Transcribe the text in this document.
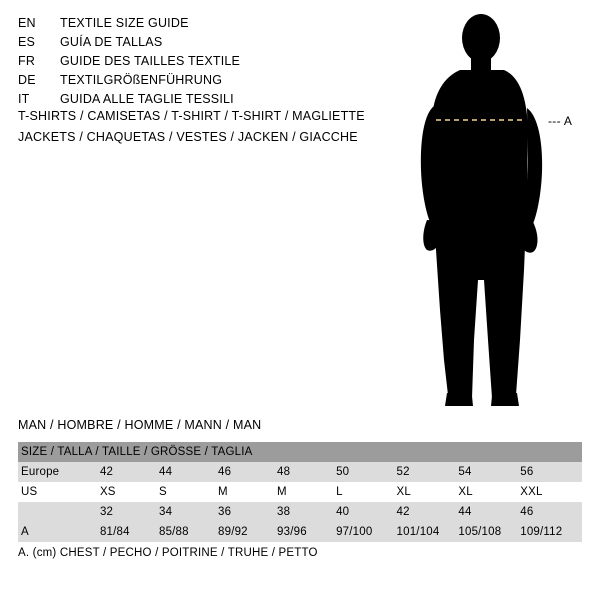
EN	TEXTILE SIZE GUIDE
ES	GUÍA DE TALLAS
FR	GUIDE DES TAILLES TEXTILE
DE	TEXTILGRÖßENFÜHRUNG
IT	GUIDA ALLE TAGLIE TESSILI
T-SHIRTS / CAMISETAS / T-SHIRT / T-SHIRT / MAGLIETTE
JACKETS / CHAQUETAS / VESTES / JACKEN / GIACCHE
--- A
MAN / HOMBRE / HOMME / MANN / MAN
SIZE / TALLA / TAILLE / GRÖSSE / TAGLIA								
Europe	42	44	46	48	50	52	54	56
US	XS	S	M	M	L	XL	XL	XXL
	32	34	36	38	40	42	44	46
A	81/84	85/88	89/92	93/96	97/100	101/104	105/108	109/112
A. (cm) CHEST / PECHO / POITRINE / TRUHE / PETTO
